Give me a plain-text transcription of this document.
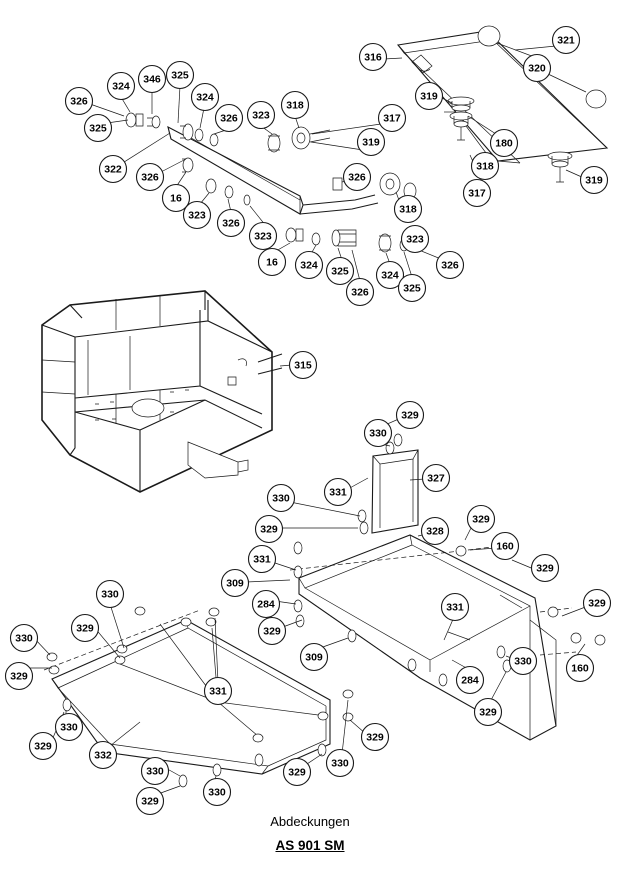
321
320
316
319
180
318
317
319
324
346 325
324
326
325
326 323
318
317
319
322
326
16
323
326
326
318
323
16 324 325
326
324
323
325
326
315
329
330
331
327
330
329	328
329
160
329
331
309
284
329
331	329
309	330
160
284
329
330
329
330
329
331
330
329
332
329
330
329
330
330
329
Abdeckungen
AS 901 SM
